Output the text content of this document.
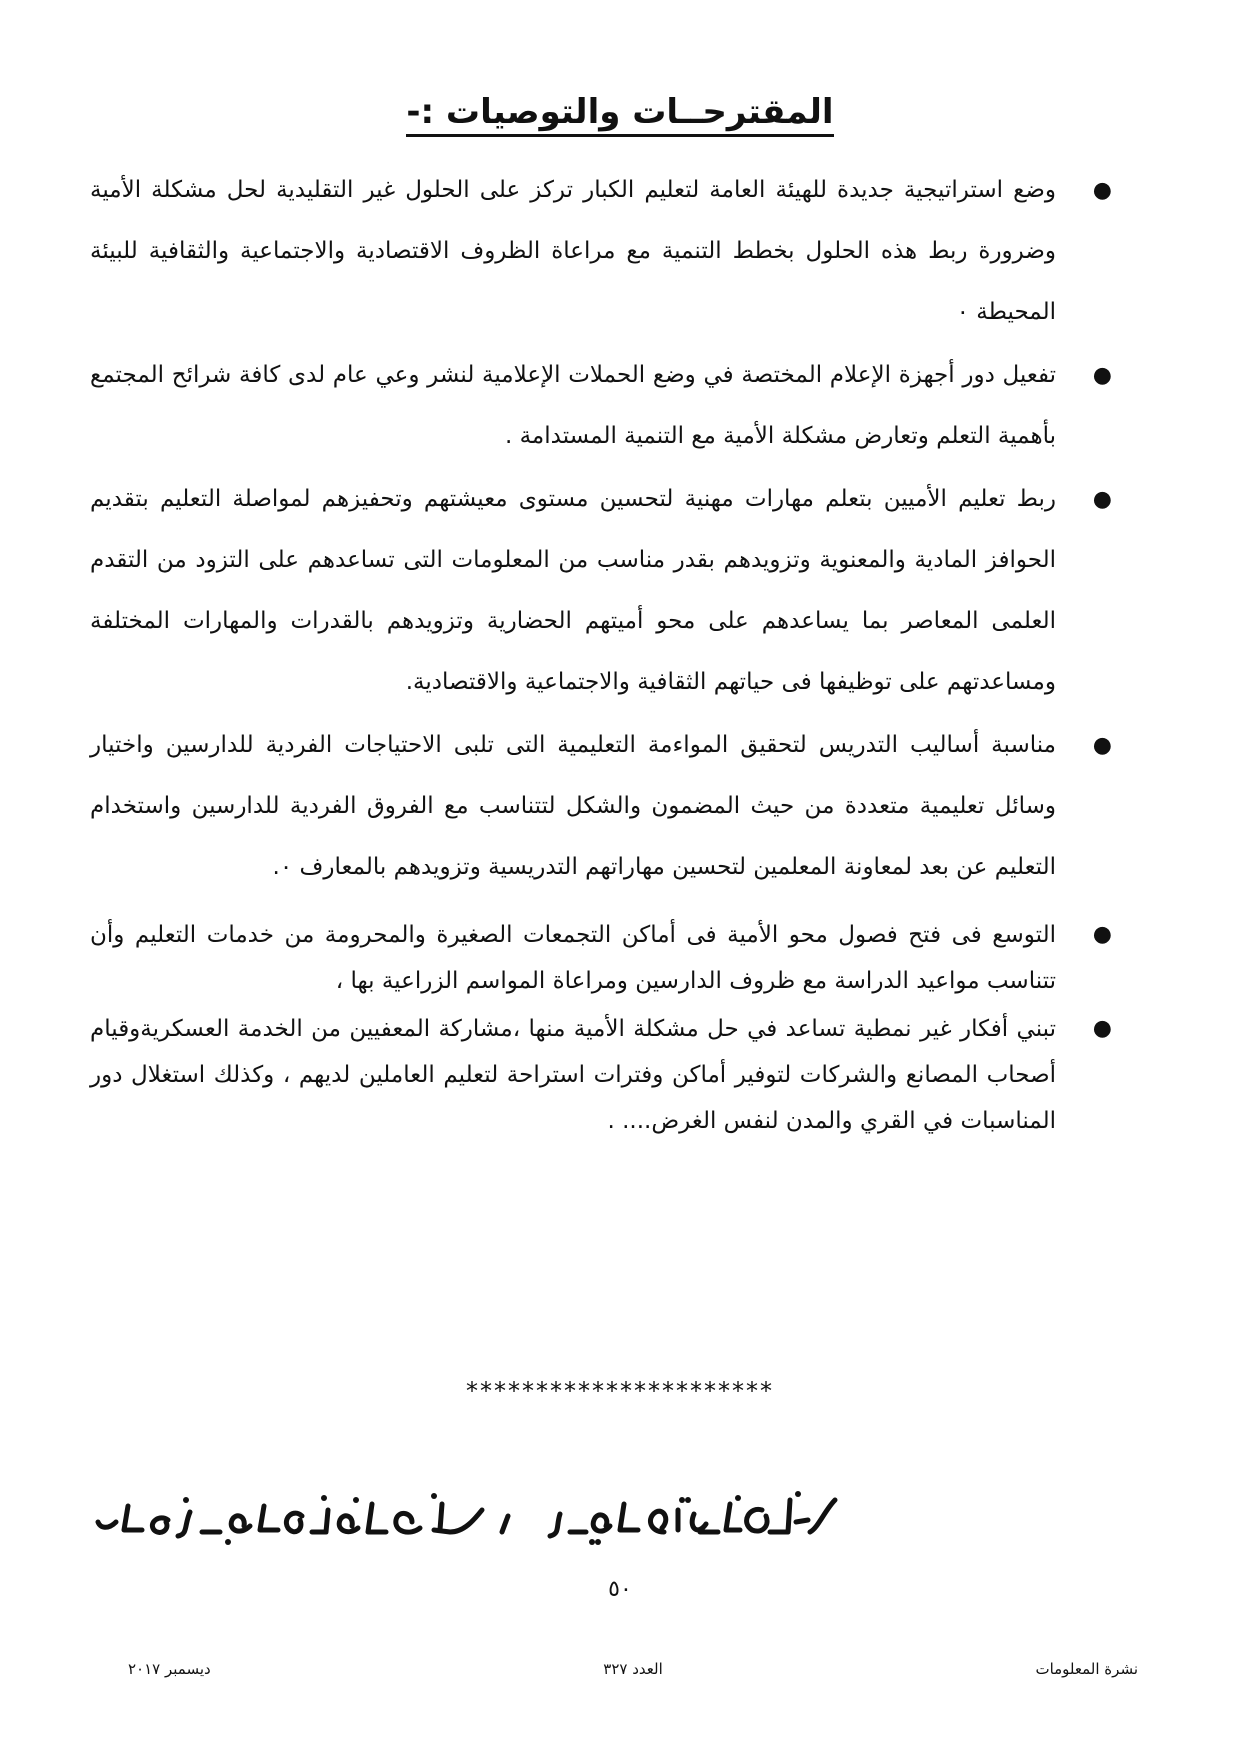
المقترحــات والتوصيات :-
●
وضع استراتيجية جديدة للهيئة العامة لتعليم الكبار تركز على الحلول غير التقليدية لحل مشكلة الأمية وضرورة ربط هذه الحلول بخطط التنمية مع مراعاة الظروف الاقتصادية والاجتماعية والثقافية للبيئة المحيطة ٠
●
تفعيل دور أجهزة الإعلام المختصة في وضع الحملات الإعلامية لنشر وعي عام لدى كافة شرائح المجتمع بأهمية التعلم وتعارض مشكلة الأمية مع التنمية المستدامة .
●
ربط تعليم الأميين بتعلم مهارات مهنية لتحسين مستوى معيشتهم وتحفيزهم لمواصلة التعليم بتقديم الحوافز المادية والمعنوية وتزويدهم بقدر مناسب من المعلومات التى تساعدهم على التزود من التقدم العلمى المعاصر بما يساعدهم على محو أميتهم الحضارية وتزويدهم بالقدرات والمهارات المختلفة ومساعدتهم على توظيفها فى حياتهم الثقافية والاجتماعية والاقتصادية.
●
مناسبة أساليب التدريس لتحقيق المواءمة التعليمية التى تلبى الاحتياجات الفردية للدارسين واختيار وسائل تعليمية متعددة من حيث المضمون والشكل لتتناسب مع الفروق الفردية للدارسين واستخدام التعليم عن بعد لمعاونة المعلمين لتحسين مهاراتهم التدريسية وتزويدهم بالمعارف ٠.
●
التوسع فى فتح فصول محو الأمية فى أماكن التجمعات الصغيرة والمحرومة من خدمات التعليم وأن تتناسب مواعيد الدراسة مع ظروف الدارسين ومراعاة المواسم الزراعية بها ،
●
تبني أفكار غير نمطية تساعد في حل مشكلة الأمية منها ،مشاركة المعفيين من الخدمة العسكريةوقيام أصحاب المصانع والشركات لتوفير أماكن وفترات استراحة لتعليم العاملين لديهم ، وكذلك استغلال دور المناسبات في القري والمدن لنفس الغرض.... .
**********************
٥٠
نشرة المعلومات
العدد ٣٢٧
ديسمبر ٢٠١٧
